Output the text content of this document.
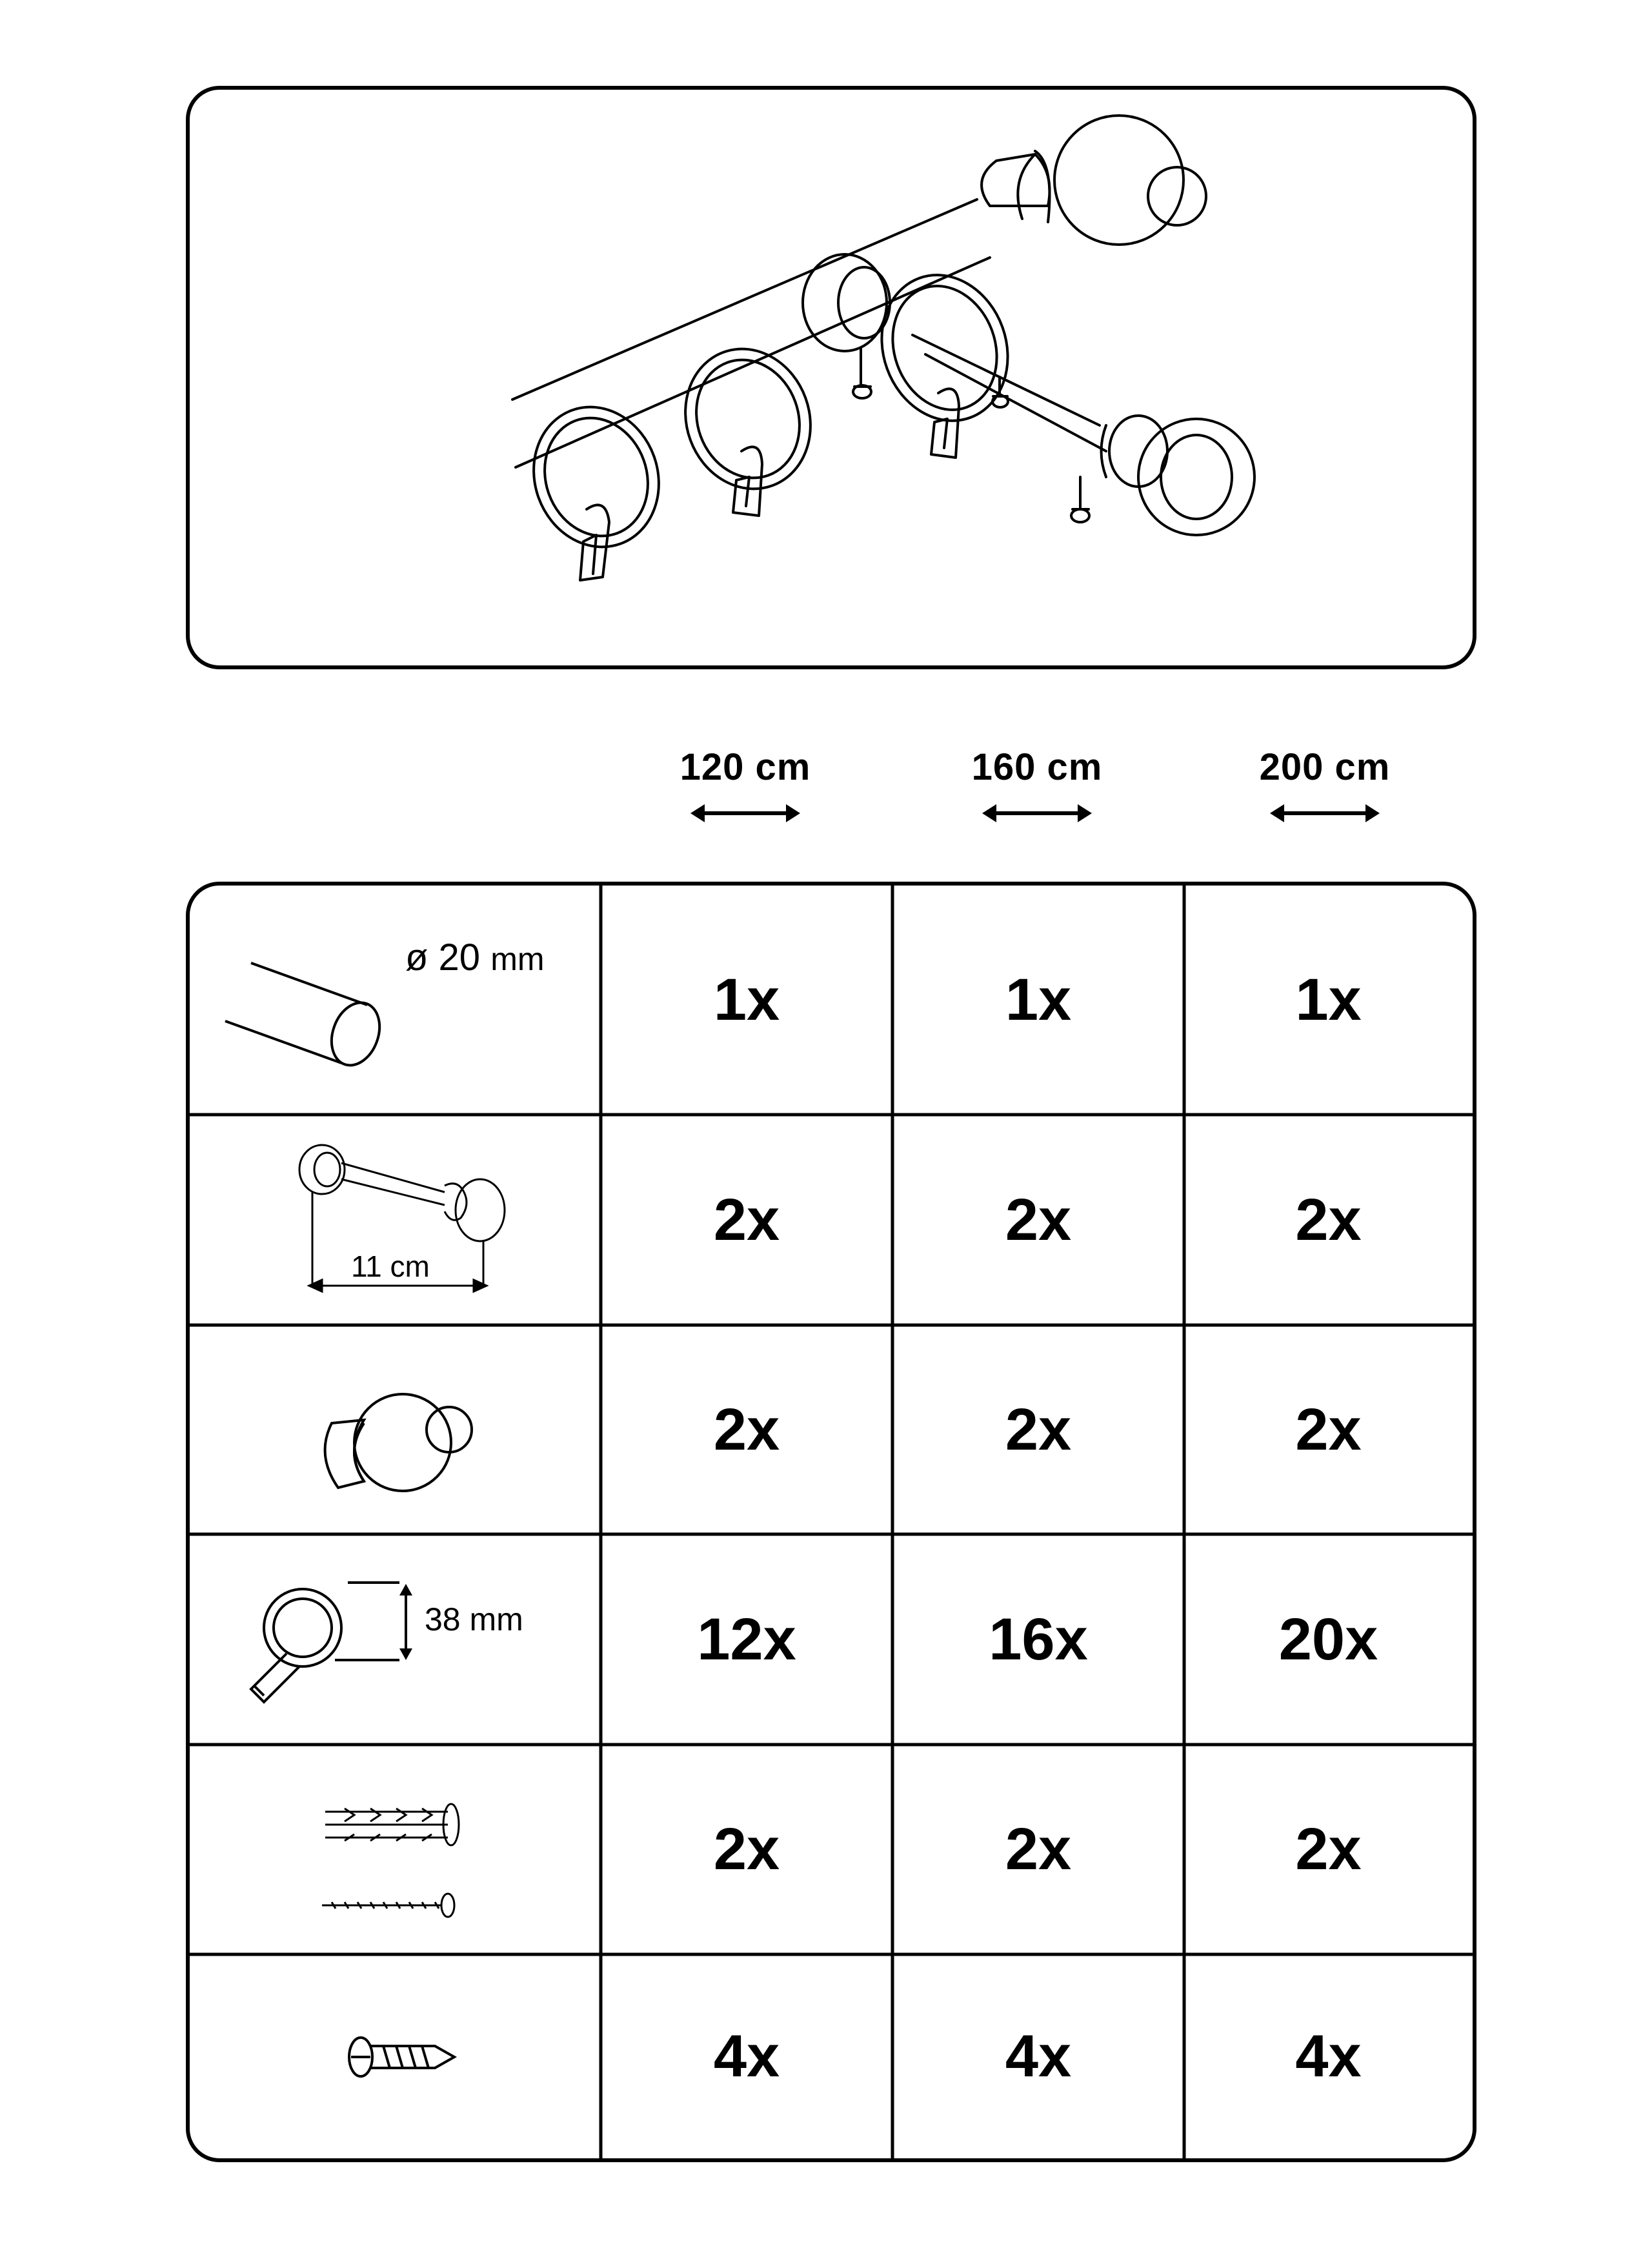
120 cm	160 cm	200 cm
ø 20 mm
11 cm
38 mm
1x	1x	1x
2x	2x	2x
2x	2x	2x
12x	16x	20x
2x	2x	2x
4x	4x	4x
